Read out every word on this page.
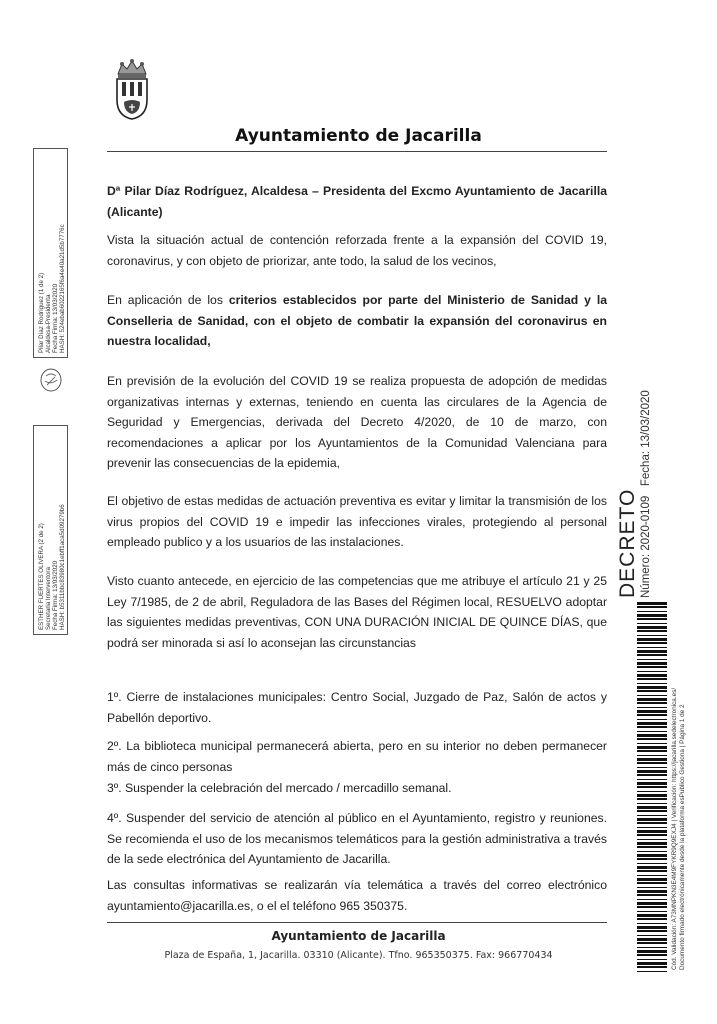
Ayuntamiento de Jacarilla

Dª Pilar Díaz Rodríguez, Alcaldesa – Presidenta del Excmo Ayuntamiento de Jacarilla (Alicante)

Vista la situación actual de contención reforzada frente a la expansión del COVID 19, coronavirus, y con objeto de priorizar, ante todo, la salud de los vecinos,

En aplicación de los criterios establecidos por parte del Ministerio de Sanidad y la Conselleria de Sanidad, con el objeto de combatir la expansión del coronavirus en nuestra localidad,

En previsión de la evolución del COVID 19 se realiza propuesta de adopción de medidas organizativas internas y externas, teniendo en cuenta las circulares de la Agencia de Seguridad y Emergencias, derivada del Decreto 4/2020, de 10 de marzo, con recomendaciones a aplicar por los Ayuntamientos de la Comunidad Valenciana para prevenir las consecuencias de la epidemia,

El objetivo de estas medidas de actuación preventiva es evitar y limitar la transmisión de los virus propios del COVID 19 e impedir las infecciones virales, protegiendo al personal empleado publico y a los usuarios de las instalaciones.

Visto cuanto antecede, en ejercicio de las competencias que me atribuye el artículo 21 y 25 Ley 7/1985, de 2 de abril, Reguladora de las Bases del Régimen local, RESUELVO adoptar las siguientes medidas preventivas, CON UNA DURACIÓN INICIAL DE QUINCE DÍAS, que podrá ser minorada si así lo aconsejan las circunstancias

1º. Cierre de instalaciones municipales: Centro Social, Juzgado de Paz, Salón de actos y Pabellón deportivo.

2º. La biblioteca municipal permanecerá abierta, pero en su interior no deben permanecer más de cinco personas

3º. Suspender la celebración del mercado / mercadillo semanal.

4º. Suspender del servicio de atención al público en el Ayuntamiento, registro y reuniones. Se recomienda el uso de los mecanismos telemáticos para la gestión administrativa a través de la sede electrónica del Ayuntamiento de Jacarilla.

Las consultas informativas se realizarán vía telemática a través del correo electrónico ayuntamiento@jacarilla.es, o el el teléfono 965 350375.

Ayuntamiento de Jacarilla
Plaza de España, 1, Jacarilla. 03310 (Alicante). Tfno. 965350375. Fax: 966770434
Pilar Díaz Rodríguez (1 de 2) Alcaldesa-Presidenta Fecha Firma: 13/03/2020 HASH: 524ebab6022165f6a4e40a21d5b7776c
ESTHER FUERTES OLIVERA (2 de 2) Secretaria Interventora Fecha Firma: 13/03/2020 HASH: b5311bbc83980c1ebff1aca5d09279b6	DECRETO Número: 2020-0109   Fecha: 13/03/2020
Cód. Validación: A73MNPKN3E4M9FYKR9Q9EXJ4 | Verificación: https://jacarilla.sedelectronica.es/ Documento firmado electrónicamente desde la plataforma esPublico Gestiona | Página 1 de 2
